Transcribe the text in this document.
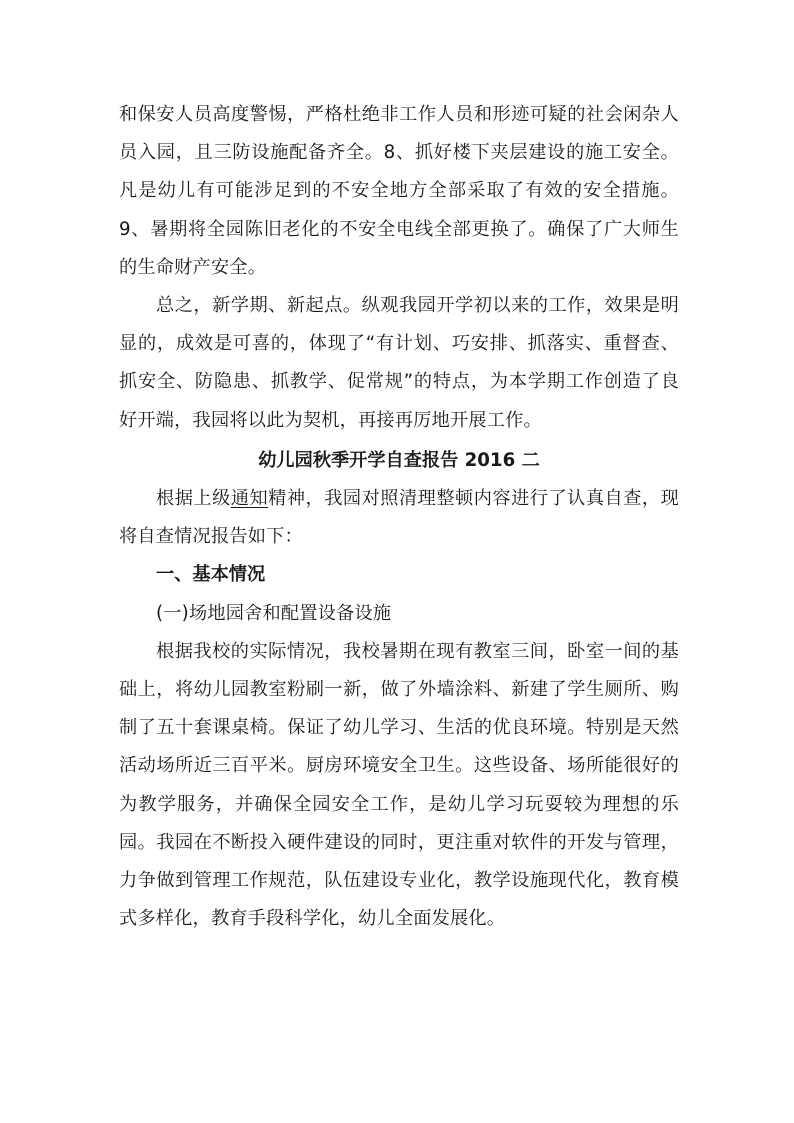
和保安人员高度警惕，严格杜绝非工作人员和形迹可疑的社会闲杂人员入园，且三防设施配备齐全。8、抓好楼下夹层建设的施工安全。凡是幼儿有可能涉足到的不安全地方全部采取了有效的安全措施。9、暑期将全园陈旧老化的不安全电线全部更换了。确保了广大师生的生命财产安全。

总之，新学期、新起点。纵观我园开学初以来的工作，效果是明显的，成效是可喜的，体现了“有计划、巧安排、抓落实、重督查、抓安全、防隐患、抓教学、促常规”的特点，为本学期工作创造了良好开端，我园将以此为契机，再接再厉地开展工作。

幼儿园秋季开学自查报告 2016 二

根据上级通知精神，我园对照清理整顿内容进行了认真自查，现将自查情况报告如下：

一、基本情况

(一)场地园舍和配置设备设施

根据我校的实际情况，我校暑期在现有教室三间，卧室一间的基础上，将幼儿园教室粉刷一新，做了外墙涂料、新建了学生厕所、购制了五十套课桌椅。保证了幼儿学习、生活的优良环境。特别是天然活动场所近三百平米。厨房环境安全卫生。这些设备、场所能很好的为教学服务，并确保全园安全工作，是幼儿学习玩耍较为理想的乐园。我园在不断投入硬件建设的同时，更注重对软件的开发与管理，力争做到管理工作规范，队伍建设专业化，教学设施现代化，教育模式多样化，教育手段科学化，幼儿全面发展化。
